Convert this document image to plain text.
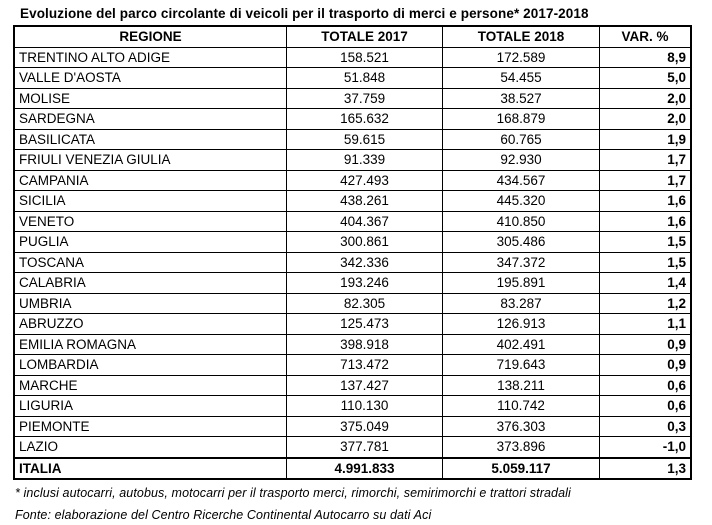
Evoluzione del parco circolante di veicoli per il trasporto di merci e persone* 2017-2018
REGIONE	TOTALE 2017	TOTALE 2018	VAR. %
TRENTINO ALTO ADIGE	158.521	172.589	8,9
VALLE D'AOSTA	51.848	54.455	5,0
MOLISE	37.759	38.527	2,0
SARDEGNA	165.632	168.879	2,0
BASILICATA	59.615	60.765	1,9
FRIULI VENEZIA GIULIA	91.339	92.930	1,7
CAMPANIA	427.493	434.567	1,7
SICILIA	438.261	445.320	1,6
VENETO	404.367	410.850	1,6
PUGLIA	300.861	305.486	1,5
TOSCANA	342.336	347.372	1,5
CALABRIA	193.246	195.891	1,4
UMBRIA	82.305	83.287	1,2
ABRUZZO	125.473	126.913	1,1
EMILIA ROMAGNA	398.918	402.491	0,9
LOMBARDIA	713.472	719.643	0,9
MARCHE	137.427	138.211	0,6
LIGURIA	110.130	110.742	0,6
PIEMONTE	375.049	376.303	0,3
LAZIO	377.781	373.896	-1,0
ITALIA	4.991.833	5.059.117	1,3
* inclusi autocarri, autobus, motocarri per il trasporto merci, rimorchi, semirimorchi e trattori stradali
Fonte: elaborazione del Centro Ricerche Continental Autocarro su dati Aci
